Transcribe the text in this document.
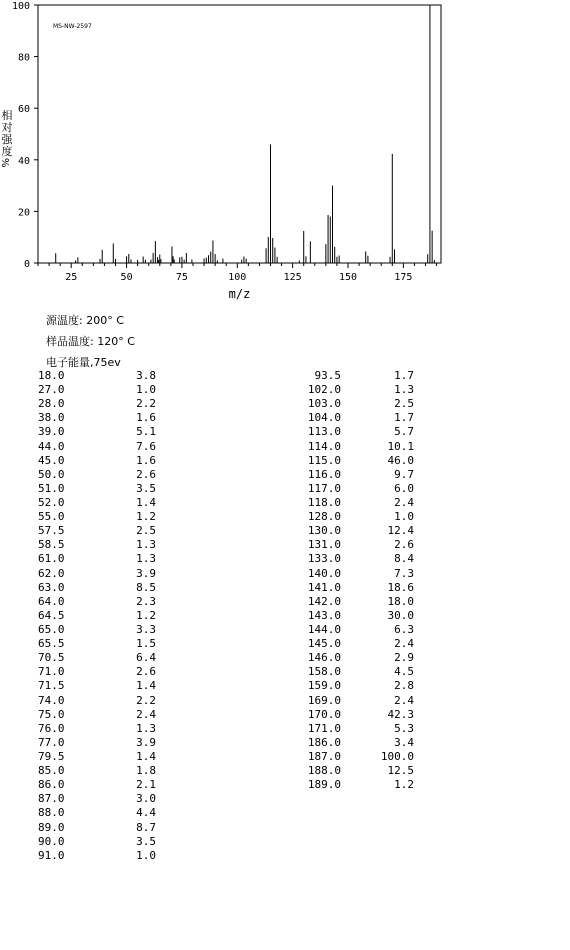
0
20
40
60
80
100
25	50	75	100	125	150	175
m/z
MS-NW-2597
相
对
强
度
%
源温度: 200° C
样品温度: 120° C
电子能量,75ev
18.0	3.8
27.0	1.0
28.0	2.2
38.0	1.6
39.0	5.1
44.0	7.6
45.0	1.6
50.0	2.6
51.0	3.5
52.0	1.4
55.0	1.2
57.5	2.5
58.5	1.3
61.0	1.3
62.0	3.9
63.0	8.5
64.0	2.3
64.5	1.2
65.0	3.3
65.5	1.5
70.5	6.4
71.0	2.6
71.5	1.4
74.0	2.2
75.0	2.4
76.0	1.3
77.0	3.9
79.5	1.4
85.0	1.8
86.0	2.1
87.0	3.0
88.0	4.4
89.0	8.7
90.0	3.5
91.0	1.0
93.5	1.7
102.0	1.3
103.0	2.5
104.0	1.7
113.0	5.7
114.0	10.1
115.0	46.0
116.0	9.7
117.0	6.0
118.0	2.4
128.0	1.0
130.0	12.4
131.0	2.6
133.0	8.4
140.0	7.3
141.0	18.6
142.0	18.0
143.0	30.0
144.0	6.3
145.0	2.4
146.0	2.9
158.0	4.5
159.0	2.8
169.0	2.4
170.0	42.3
171.0	5.3
186.0	3.4
187.0	100.0
188.0	12.5
189.0	1.2
